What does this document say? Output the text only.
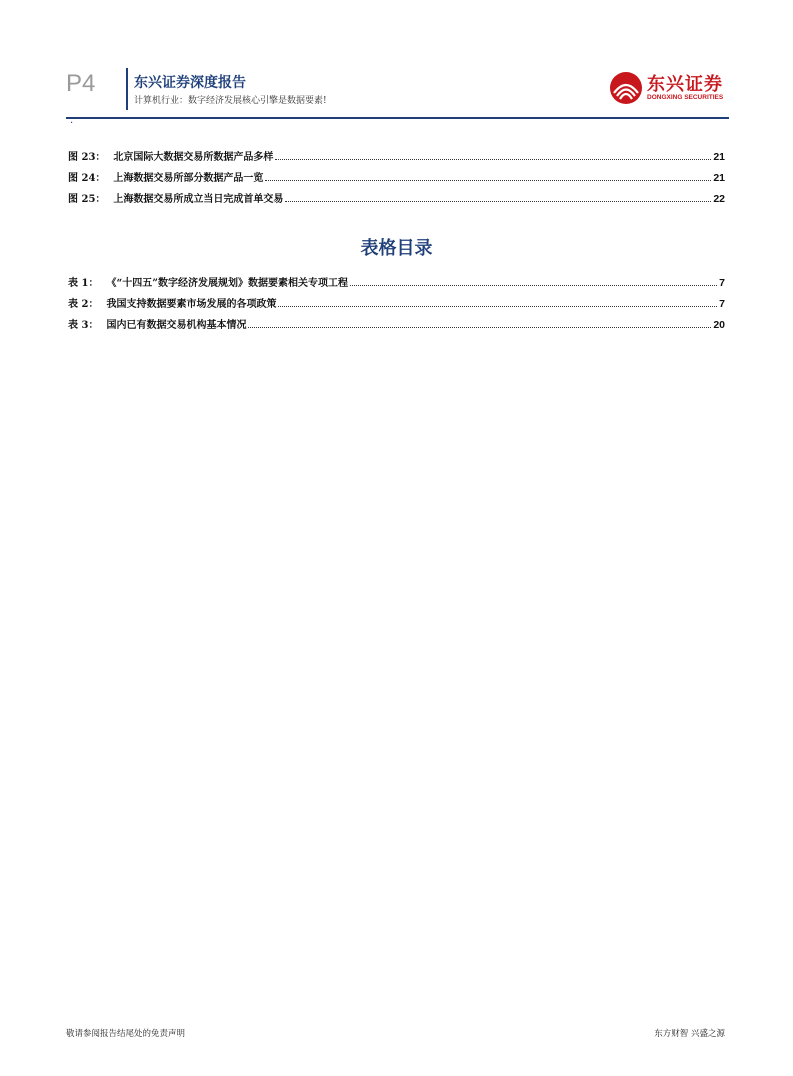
P4	东兴证券深度报告
计算机行业：数字经济发展核心引擎是数据要素!
东兴证券
DONGXING SECURITIES
·
图 23： 北京国际大数据交易所数据产品多样	21
图 24： 上海数据交易所部分数据产品一览	21
图 25： 上海数据交易所成立当日完成首单交易	22
表格目录
表 1： 《“十四五”数字经济发展规划》数据要素相关专项工程	7
表 2： 我国支持数据要素市场发展的各项政策	7
表 3： 国内已有数据交易机构基本情况	20
敬请参阅报告结尾处的免责声明	东方财智 兴盛之源
